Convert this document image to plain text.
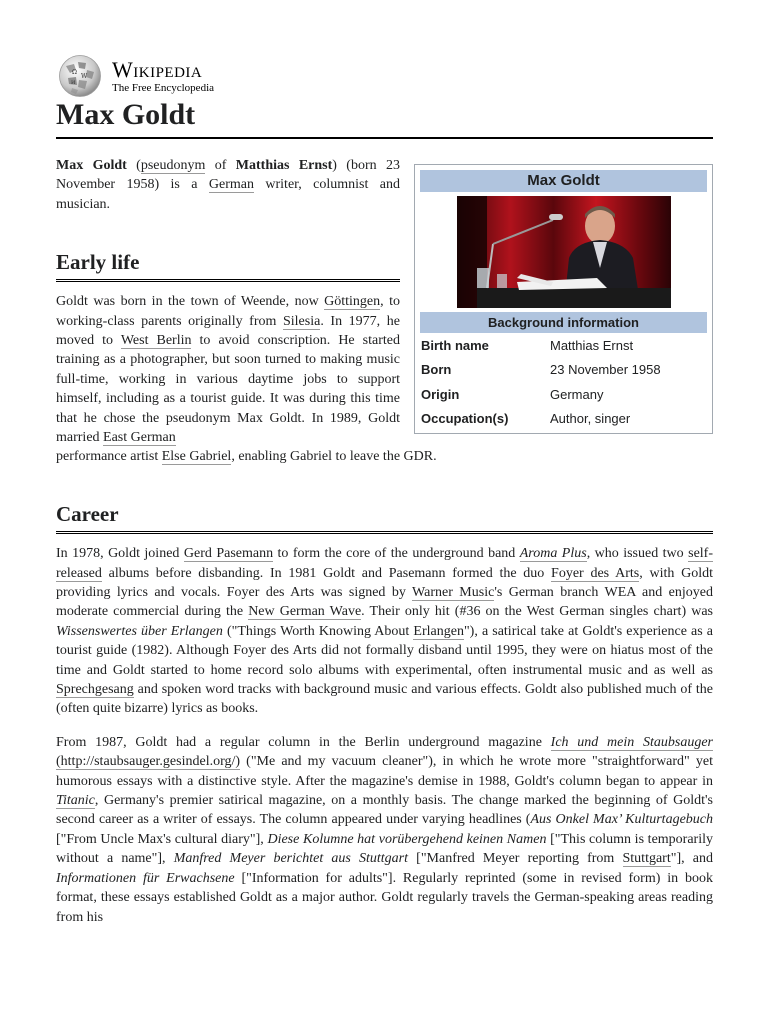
Ω
W
И
Wikipedia
The Free Encyclopedia
Max Goldt

Max Goldt (pseudonym of Matthias Ernst) (born 23 November 1958) is a German writer, columnist and musician.

Early life

Goldt was born in the town of Weende, now Göttingen, to working-class parents originally from Silesia. In 1977, he moved to West Berlin to avoid conscription. He started training as a photographer, but soon turned to making music full-time, working in various daytime jobs to support himself, including as a tourist guide. It was during this time that he chose the pseudonym Max Goldt. In 1989, Goldt married East German

performance artist Else Gabriel, enabling Gabriel to leave the GDR.

Max Goldt
Background information
Birth name	Matthias Ernst
Born	23 November 1958
Origin	Germany
Occupation(s)	Author, singer
Career

In 1978, Goldt joined Gerd Pasemann to form the core of the underground band Aroma Plus, who issued two self-released albums before disbanding. In 1981 Goldt and Pasemann formed the duo Foyer des Arts, with Goldt providing lyrics and vocals. Foyer des Arts was signed by Warner Music's German branch WEA and enjoyed moderate commercial during the New German Wave. Their only hit (#36 on the West German singles chart) was Wissenswertes über Erlangen ("Things Worth Knowing About Erlangen"), a satirical take at Goldt's experience as a tourist guide (1982). Although Foyer des Arts did not formally disband until 1995, they were on hiatus most of the time and Goldt started to home record solo albums with experimental, often instrumental music and as well as Sprechgesang and spoken word tracks with background music and various effects. Goldt also published much of the (often quite bizarre) lyrics as books.

From 1987, Goldt had a regular column in the Berlin underground magazine Ich und mein Staubsauger (http://staubsauger.gesindel.org/) ("Me and my vacuum cleaner"), in which he wrote more "straightforward" yet humorous essays with a distinctive style. After the magazine's demise in 1988, Goldt's column began to appear in Titanic, Germany's premier satirical magazine, on a monthly basis. The change marked the beginning of Goldt's second career as a writer of essays. The column appeared under varying headlines (Aus Onkel Max’ Kulturtagebuch ["From Uncle Max's cultural diary"], Diese Kolumne hat vorübergehend keinen Namen ["This column is temporarily without a name"], Manfred Meyer berichtet aus Stuttgart ["Manfred Meyer reporting from Stuttgart"], and Informationen für Erwachsene ["Information for adults"]. Regularly reprinted (some in revised form) in book format, these essays established Goldt as a major author. Goldt regularly travels the German-speaking areas reading from his
